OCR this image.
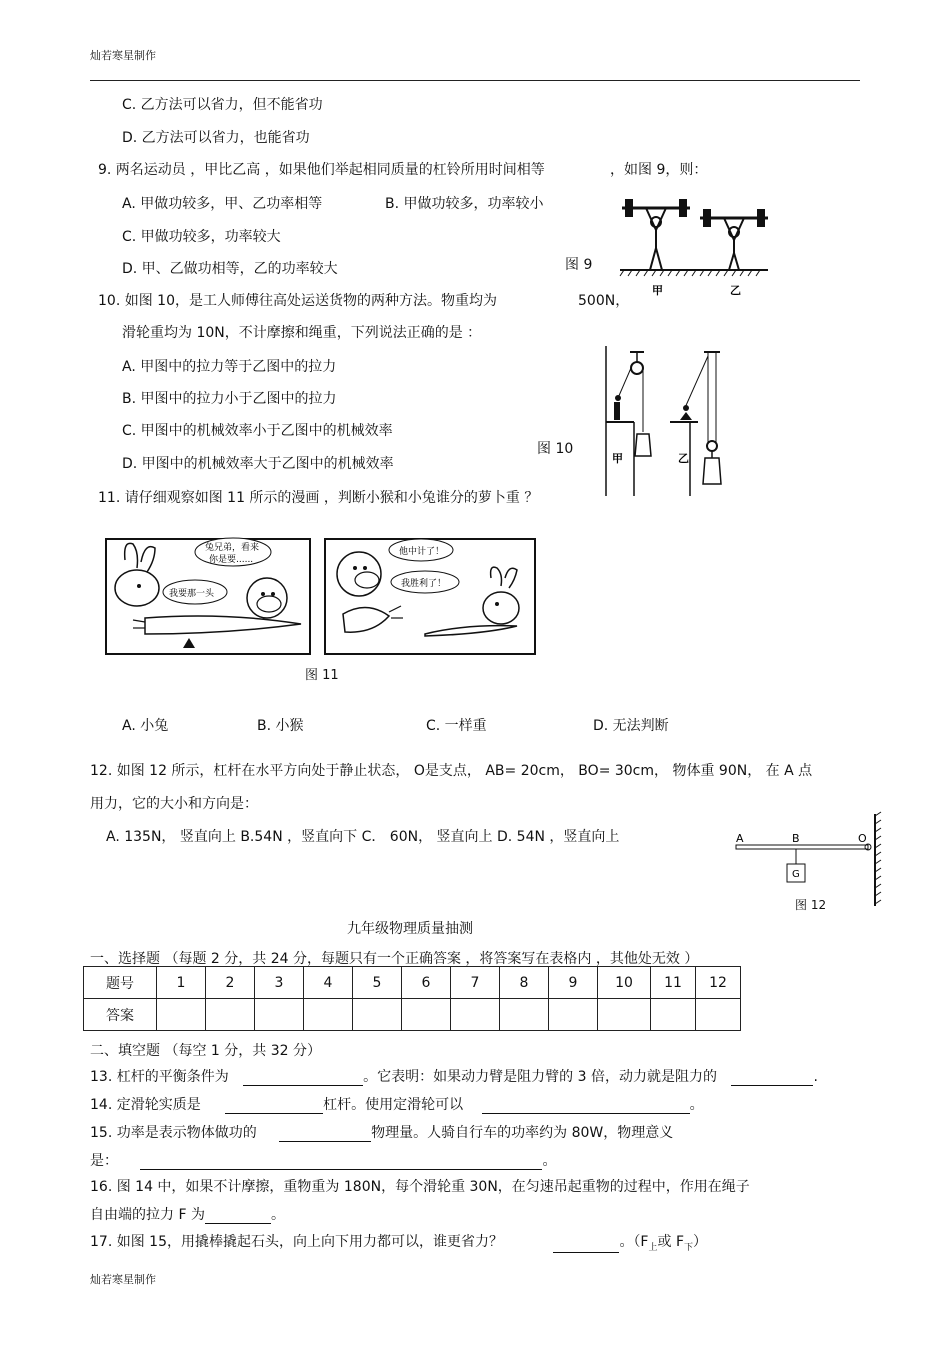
灿若寒星制作
C. 乙方法可以省力，但不能省功
D. 乙方法可以省力，也能省功
9. 两名运动员 ，甲比乙高 ，如果他们举起相同质量的杠铃所用时间相等	，如图 9，则：
A. 甲做功较多，甲、乙功率相等	B. 甲做功较多，功率较小
C. 甲做功较多，功率较大
D. 甲、乙做功相等，乙的功率较大	图 9
甲	乙
10. 如图 10，是工人师傅往高处运送货物的两种方法。物重均为	500N，
滑轮重均为 10N，不计摩擦和绳重，下列说法正确的是 ：
A. 甲图中的拉力等于乙图中的拉力
B. 甲图中的拉力小于乙图中的拉力
C. 甲图中的机械效率小于乙图中的机械效率
D. 甲图中的机械效率大于乙图中的机械效率
图 10
甲	乙
11. 请仔细观察如图 11 所示的漫画 ，判断小猴和小兔谁分的萝卜重 ？
兔兄弟，看来
你是要......
我要那一头
他中计了！
我胜利了！
图 11
A. 小兔	B. 小猴	C. 一样重	D. 无法判断
12. 如图 12 所示，杠杆在水平方向处于静止状态， O是支点， AB= 20cm， BO= 30cm， 物体重 90N， 在 A 点
用力，它的大小和方向是：
A. 135N， 竖直向上 B.54N ，竖直向下 C． 60N， 竖直向上 D. 54N ，竖直向上	A	B	O
G
图 12
九年级物理质量抽测
一、选择题 （每题 2 分，共 24 分，每题只有一个正确答案 ，将答案写在表格内 ，其他处无效 ）
题号	1	2	3	4	5	6	7	8	9	10	11	12
答案												
二、填空题 （每空 1 分，共 32 分）
13. 杠杆的平衡条件为	。它表明：如果动力臂是阻力臂的 3 倍，动力就是阻力的	.
14. 定滑轮实质是	杠杆。使用定滑轮可以	。
15. 功率是表示物体做功的	物理量。人骑自行车的功率约为 80W，物理意义
是：	。
16. 图 14 中，如果不计摩擦，重物重为 180N，每个滑轮重 30N，在匀速吊起重物的过程中，作用在绳子
自由端的拉力 F 为	。
17. 如图 15，用撬棒撬起石头，向上向下用力都可以，谁更省力？	。（$F_上$或 $F_下$）
灿若寒星制作
